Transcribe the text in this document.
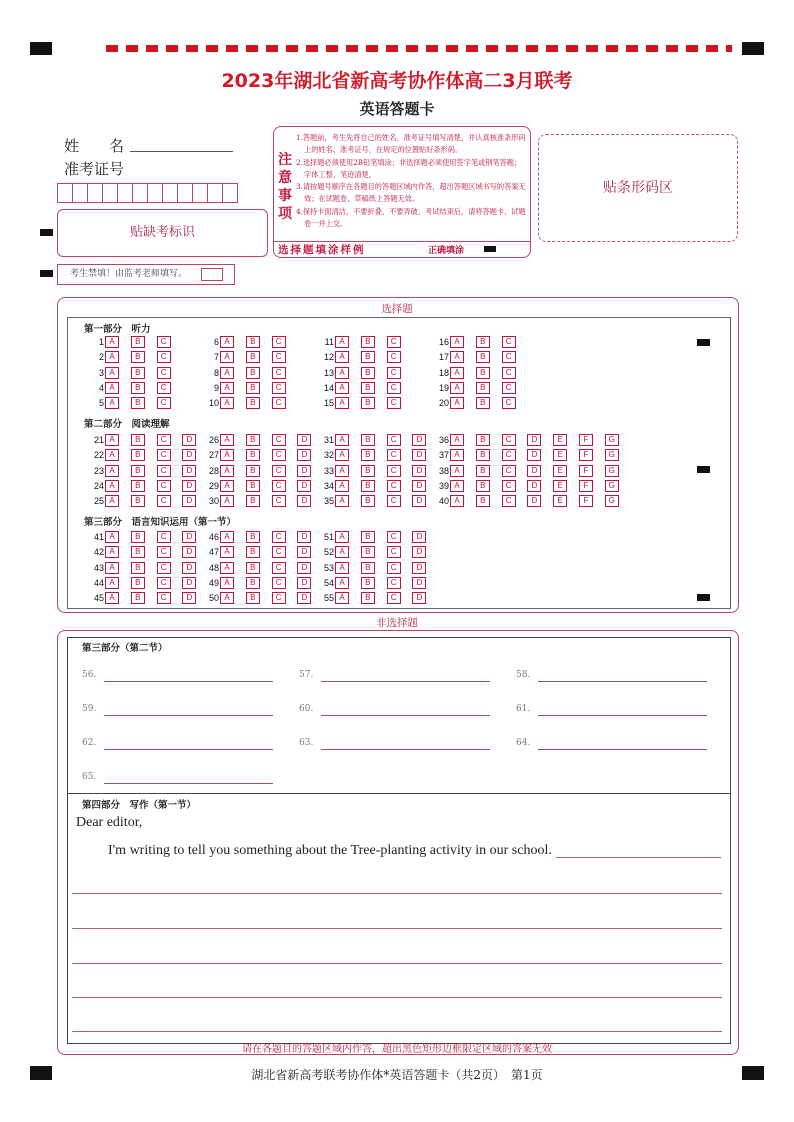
2023年湖北省新高考协作体高二3月联考
英语答题卡
姓　　名
准考证号
贴缺考标识
考生禁填！由监考老师填写。
注意事项
1.答题前，考生先将自己的姓名、准考证号填写清楚，并认真核准条形码上的姓名、准考证号，在规定的位置贴好条形码。
2.选择题必须使用2B铅笔填涂；非选择题必须使用签字笔或钢笔答题；字体工整、笔迹清楚。
3.请按题号顺序在各题目的答题区域内作答，超出答题区域书写的答案无效；在试题卷、草稿纸上答题无效。
4.保持卡面清洁，不要折叠、不要弄破。考试结束后，请将答题卡、试题卷一并上交。
选择题填涂样例	正确填涂
贴条形码区
选择题
第一部分　听力
1 A	B	C
2 A	B	C
3 A	B	C
4 A	B	C
5 A	B	C
6 A	B	C
7 A	B	C
8 A	B	C
9 A	B	C
10 A	B	C
11 A	B	C
12 A	B	C
13 A	B	C
14 A	B	C
15 A	B	C
16 A	B	C
17 A	B	C
18 A	B	C
19 A	B	C
20 A	B	C
第二部分　阅读理解
21 A	B	C	D
22 A	B	C	D
23 A	B	C	D
24 A	B	C	D
25 A	B	C	D
26 A	B	C	D
27 A	B	C	D
28 A	B	C	D
29 A	B	C	D
30 A	B	C	D
31 A	B	C	D
32 A	B	C	D
33 A	B	C	D
34 A	B	C	D
35 A	B	C	D
36 A	B	C	D	E	F	G
37 A	B	C	D	E	F	G
38 A	B	C	D	E	F	G
39 A	B	C	D	E	F	G
40 A	B	C	D	E	F	G
第三部分　语言知识运用（第一节）
41 A	B	C	D
42 A	B	C	D
43 A	B	C	D
44 A	B	C	D
45 A	B	C	D
46 A	B	C	D
47 A	B	C	D
48 A	B	C	D
49 A	B	C	D
50 A	B	C	D
51 A	B	C	D
52 A	B	C	D
53 A	B	C	D
54 A	B	C	D
55 A	B	C	D
非选择题
第三部分（第二节）
56.	57.	58.
59.	60.	61.
62.	63.	64.
65.
第四部分　写作（第一节）
Dear editor,
I'm writing to tell you something about the Tree-planting activity in our school.
请在各题目的答题区域内作答，超出黑色矩形边框限定区域的答案无效
湖北省新高考联考协作体*英语答题卡（共2页）　第1页
